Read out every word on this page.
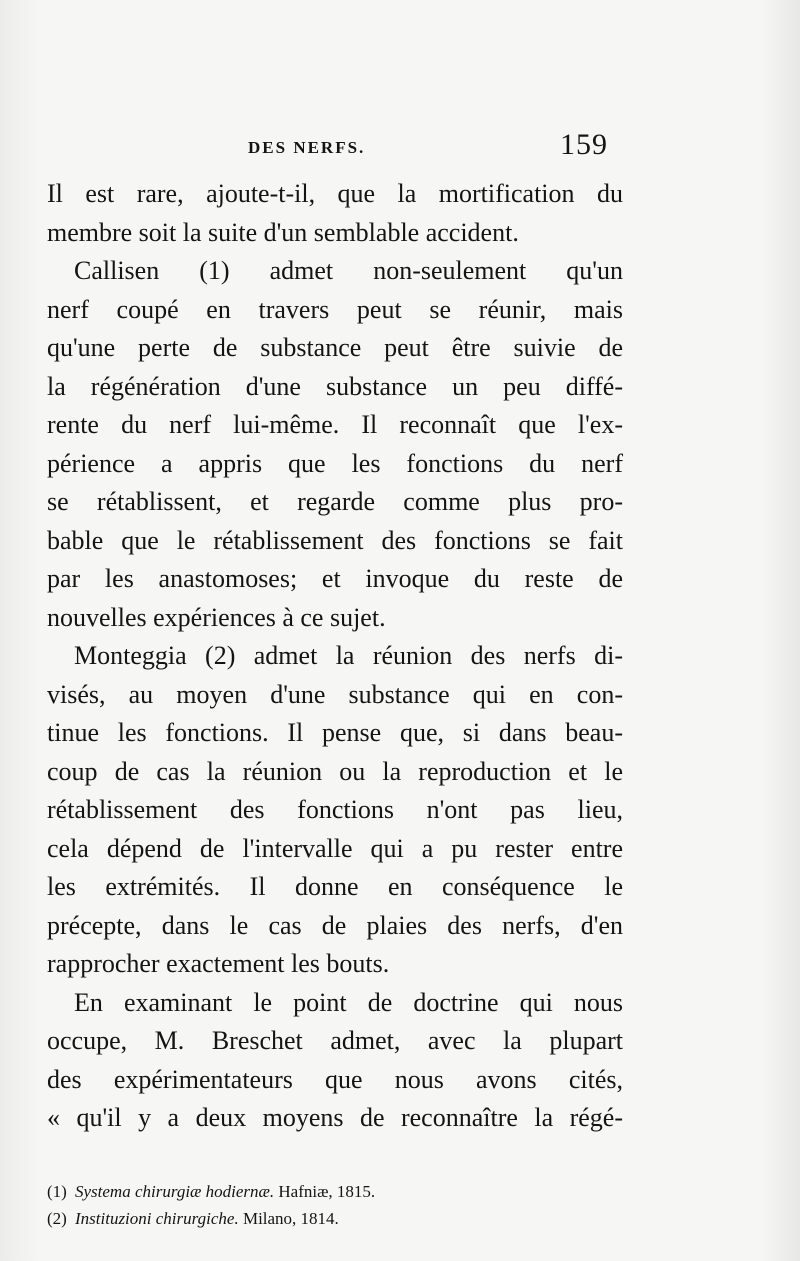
DES NERFS.	159
Il est rare, ajoute-t-il, que la mortification du
membre soit la suite d'un semblable accident.
Callisen (1) admet non-seulement qu'un
nerf coupé en travers peut se réunir, mais
qu'une perte de substance peut être suivie de
la régénération d'une substance un peu diffé-
rente du nerf lui-même. Il reconnaît que l'ex-
périence a appris que les fonctions du nerf
se rétablissent, et regarde comme plus pro-
bable que le rétablissement des fonctions se fait
par les anastomoses; et invoque du reste de
nouvelles expériences à ce sujet.
Monteggia (2) admet la réunion des nerfs di-
visés, au moyen d'une substance qui en con-
tinue les fonctions. Il pense que, si dans beau-
coup de cas la réunion ou la reproduction et le
rétablissement des fonctions n'ont pas lieu,
cela dépend de l'intervalle qui a pu rester entre
les extrémités. Il donne en conséquence le
précepte, dans le cas de plaies des nerfs, d'en
rapprocher exactement les bouts.
En examinant le point de doctrine qui nous
occupe, M. Breschet admet, avec la plupart
des expérimentateurs que nous avons cités,
« qu'il y a deux moyens de reconnaître la régé-
(1) Systema chirurgiæ hodiernæ. Hafniæ, 1815.
(2) Instituzioni chirurgiche. Milano, 1814.
